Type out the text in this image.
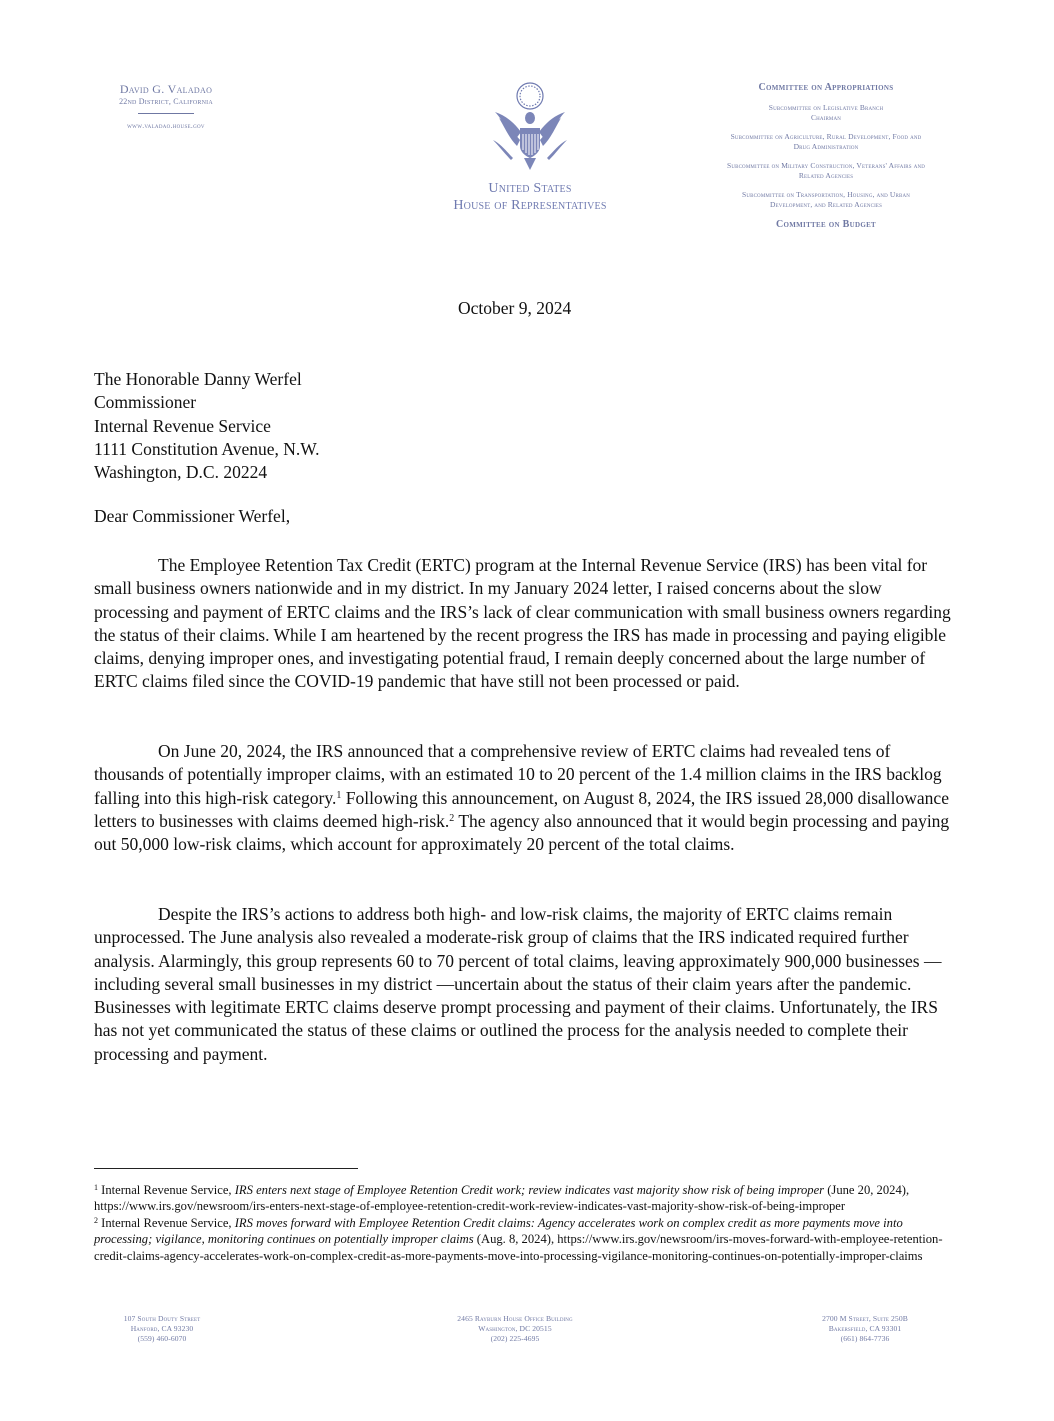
David G. Valadao
22nd District, California
www.valadao.house.gov
United States
House of Representatives
Committee on Appropriations
Subcommittee on Legislative Branch
Chairman
Subcommittee on Agriculture, Rural Development, Food and Drug Administration
Subcommittee on Military Construction, Veterans' Affairs and Related Agencies
Subcommittee on Transportation, Housing, and Urban Development, and Related Agencies
Committee on Budget
October 9, 2024
The Honorable Danny Werfel
Commissioner
Internal Revenue Service
1111 Constitution Avenue, N.W.
Washington, D.C. 20224
Dear Commissioner Werfel,
The Employee Retention Tax Credit (ERTC) program at the Internal Revenue Service (IRS) has been vital for small business owners nationwide and in my district. In my January 2024 letter, I raised concerns about the slow processing and payment of ERTC claims and the IRS’s lack of clear communication with small business owners regarding the status of their claims. While I am heartened by the recent progress the IRS has made in processing and paying eligible claims, denying improper ones, and investigating potential fraud, I remain deeply concerned about the large number of ERTC claims filed since the COVID-19 pandemic that have still not been processed or paid.
On June 20, 2024, the IRS announced that a comprehensive review of ERTC claims had revealed tens of thousands of potentially improper claims, with an estimated 10 to 20 percent of the 1.4 million claims in the IRS backlog falling into this high-risk category.$^1$ Following this announcement, on August 8, 2024, the IRS issued 28,000 disallowance letters to businesses with claims deemed high-risk.$^2$ The agency also announced that it would begin processing and paying out 50,000 low-risk claims, which account for approximately 20 percent of the total claims.
Despite the IRS’s actions to address both high- and low-risk claims, the majority of ERTC claims remain unprocessed. The June analysis also revealed a moderate-risk group of claims that the IRS indicated required further analysis. Alarmingly, this group represents 60 to 70 percent of total claims, leaving approximately 900,000 businesses —including several small businesses in my district —uncertain about the status of their claim years after the pandemic. Businesses with legitimate ERTC claims deserve prompt processing and payment of their claims. Unfortunately, the IRS has not yet communicated the status of these claims or outlined the process for the analysis needed to complete their processing and payment.

$^1$ Internal Revenue Service, IRS enters next stage of Employee Retention Credit work; review indicates vast majority show risk of being improper (June 20, 2024), https://www.irs.gov/newsroom/irs-enters-next-stage-of-employee-retention-credit-work-review-indicates-vast-majority-show-risk-of-being-improper

$^2$ Internal Revenue Service, IRS moves forward with Employee Retention Credit claims: Agency accelerates work on complex credit as more payments move into processing; vigilance, monitoring continues on potentially improper claims (Aug. 8, 2024), https://www.irs.gov/newsroom/irs-moves-forward-with-employee-retention-credit-claims-agency-accelerates-work-on-complex-credit-as-more-payments-move-into-processing-vigilance-monitoring-continues-on-potentially-improper-claims

107 South Douty Street
Hanford, CA 93230
(559) 460-6070
2465 Rayburn House Office Building
Washington, DC 20515
(202) 225-4695
2700 M Street, Suite 250B
Bakersfield, CA 93301
(661) 864-7736
